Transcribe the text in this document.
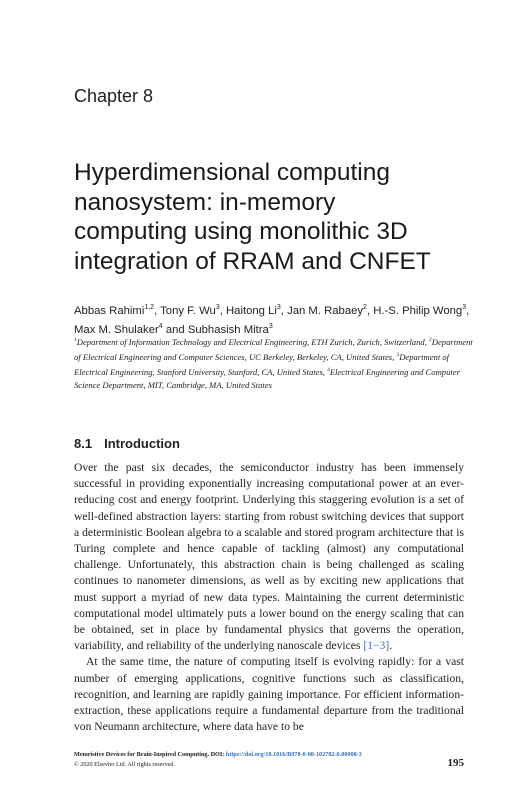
Chapter 8
Hyperdimensional computing
nanosystem: in-memory
computing using monolithic 3D
integration of RRAM and CNFET
Abbas Rahimi$^{1,2}$, Tony F. Wu$^3$, Haitong Li$^3$, Jan M. Rabaey$^2$, H.-S. Philip Wong$^3$, Max M. Shulaker$^4$ and Subhasish Mitra$^3$
$^1$Department of Information Technology and Electrical Engineering, ETH Zurich, Zurich, Switzerland, $^2$Department of Electrical Engineering and Computer Sciences, UC Berkeley, Berkeley, CA, United States, $^3$Department of Electrical Engineering, Stanford University, Stanford, CA, United States, $^4$Electrical Engineering and Computer Science Department, MIT, Cambridge, MA, United States
8.1 Introduction

Over the past six decades, the semiconductor industry has been immensely successful in providing exponentially increasing computational power at an ever-reducing cost and energy footprint. Underlying this staggering evolution is a set of well-defined abstraction layers: starting from robust switching devices that support a deterministic Boolean algebra to a scalable and stored program architecture that is Turing complete and hence capable of tackling (almost) any computational challenge. Unfortunately, this abstraction chain is being challenged as scaling continues to nanometer dimensions, as well as by exciting new applications that must support a myriad of new data types. Maintaining the current deterministic computational model ultimately puts a lower bound on the energy scaling that can be obtained, set in place by fundamental physics that governs the operation, variability, and reliability of the underlying nanoscale devices [1−3].

At the same time, the nature of computing itself is evolving rapidly: for a vast number of emerging applications, cognitive functions such as classification, recognition, and learning are rapidly gaining importance. For efficient information-extraction, these applications require a fundamental departure from the traditional von Neumann architecture, where data have to be

Memristive Devices for Brain-Inspired Computing. DOI: https://doi.org/10.1016/B978-0-08-102782-0.00008-3
© 2020 Elsevier Ltd. All rights reserved.	195
